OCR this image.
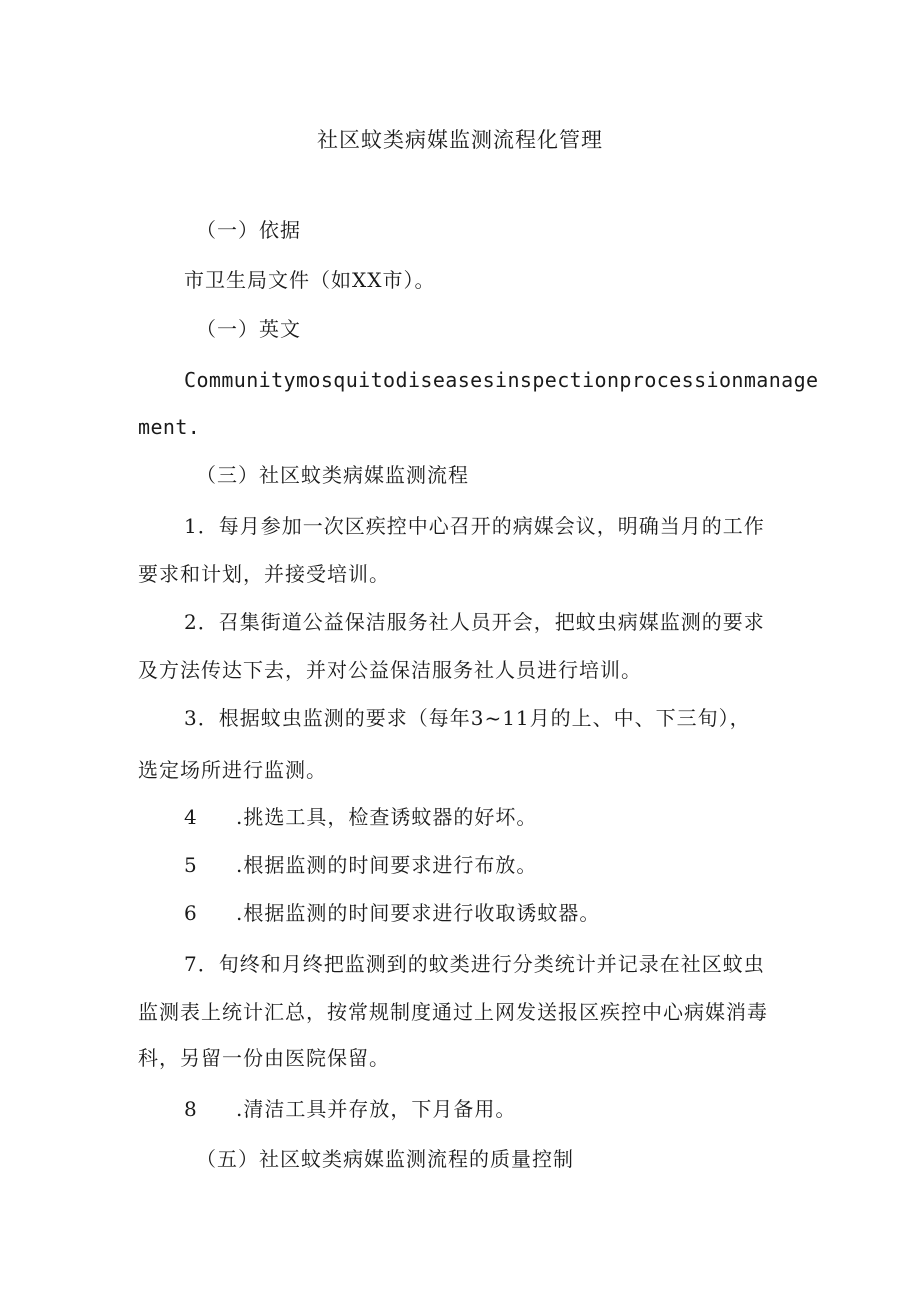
社区蚊类病媒监测流程化管理
（一）依据
市卫生局文件（如XX市）。
（一）英文
Communitymosquitodiseasesinspectionprocessionmanage
ment.
（三）社区蚊类病媒监测流程
1．每月参加一次区疾控中心召开的病媒会议，明确当月的工作
要求和计划，并接受培训。
2．召集街道公益保洁服务社人员开会，把蚊虫病媒监测的要求
及方法传达下去，并对公益保洁服务社人员进行培训。
3．根据蚊虫监测的要求（每年3~11月的上、中、下三旬），
选定场所进行监测。
4 .挑选工具，检查诱蚊器的好坏。
5 .根据监测的时间要求进行布放。
6 .根据监测的时间要求进行收取诱蚊器。
7．旬终和月终把监测到的蚊类进行分类统计并记录在社区蚊虫
监测表上统计汇总，按常规制度通过上网发送报区疾控中心病媒消毒
科，另留一份由医院保留。
8 .清洁工具并存放，下月备用。
（五）社区蚊类病媒监测流程的质量控制
